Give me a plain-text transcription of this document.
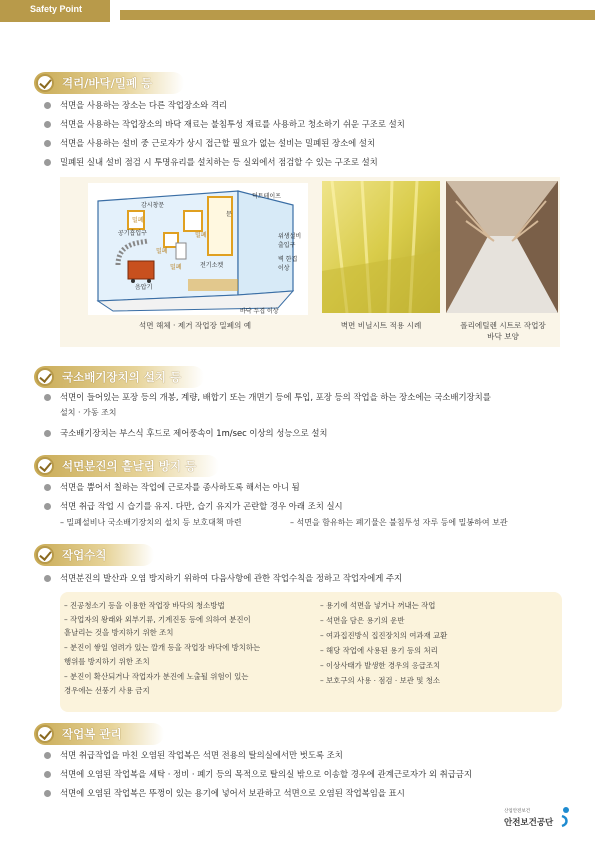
Safety Point
격리/바닥/밀폐 등
석면을 사용하는 장소는 다른 작업장소와 격리
석면을 사용하는 작업장소의 바닥 재료는 불침투성 재료를 사용하고 청소하기 쉬운 구조로 설치
석면을 사용하는 설비 중 근로자가 상시 접근할 필요가 없는 설비는 밀폐된 장소에 설치
밀폐된 실내 설비 점검 시 투명유리를 설치하는 등 실외에서 점검할 수 있는 구조로 설치
감시창문
밀폐
공기흡입구
밀폐
밀폐
밀폐	전기소켓
음압기
문
덕트테이프
위생설비
출입구
벽 한겹
이상
바닥 두겹 이상
석면 해체 · 제거 작업장 밀폐의 예	벽면 비닐시트 적용 시례	폴리에틸렌 시트로 작업장
바닥 보양
국소배기장치의 설치 등
석면이 들어있는 포장 등의 개봉, 계량, 배합기 또는 개면기 등에 투입, 포장 등의 작업을 하는 장소에는 국소배기장치를
설치 · 가동 조치
국소배기장치는 부스식 후드로 제어풍속이 1m/sec 이상의 성능으로 설치
석면분진의 흩날림 방지 등
석면을 뿜어서 칠하는 작업에 근로자를 종사하도록 해서는 아니 됨
석면 취급 작업 시 습기를 유지. 다만, 습기 유지가 곤란할 경우 아래 조치 실시
– 밀폐설비나 국소배기장치의 설치 등 보호대책 마련	– 석면을 함유하는 폐기물은 불침투성 자루 등에 밀봉하여 보관
작업수칙
석면분진의 발산과 오염 방지하기 위하여 다음사항에 관한 작업수칙을 정하고 작업자에게 주지
– 진공청소기 등을 이용한 작업장 바닥의 청소방법
– 작업자의 왕래와 외부기류, 기계진동 등에 의하여 분진이
흩날리는 것을 방지하기 위한 조치
– 분진이 쌓일 염려가 있는 깔개 등을 작업장 바닥에 방치하는
행위를 방지하기 위한 조치
– 분진이 확산되거나 작업자가 분진에 노출될 위험이 있는
경우에는 선풍기 사용 금지
– 용기에 석면을 넣거나 꺼내는 작업
– 석면을 담은 용기의 운반
– 여과집진방식 집진장치의 여과재 교환
– 해당 작업에 사용된 용기 등의 처리
– 이상사태가 발생한 경우의 응급조치
– 보호구의 사용 · 점검 · 보관 및 청소
작업복 관리
석면 취급작업을 마친 오염된 작업복은 석면 전용의 탈의실에서만 벗도록 조치
석면에 오염된 작업복을 세탁 · 정비 · 폐기 등의 목적으로 탈의실 밖으로 이송할 경우에 관계근로자가 외 취급금지
석면에 오염된 작업복은 뚜껑이 있는 용기에 넣어서 보관하고 석면으로 오염된 작업복임을 표시
산업안전보건
안전보건공단
